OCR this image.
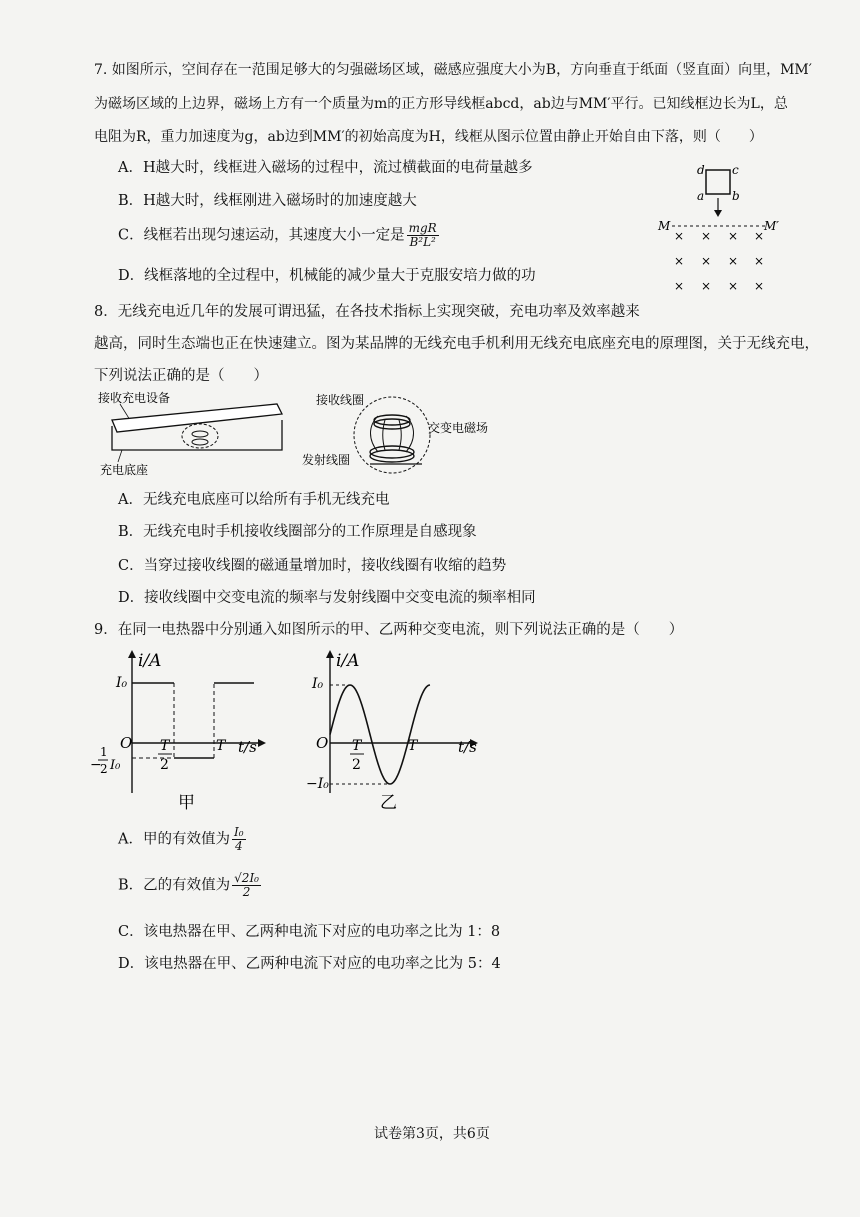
7. 如图所示，空间存在一范围足够大的匀强磁场区域，磁感应强度大小为B，方向垂直于纸面（竖直面）向里，MM′
为磁场区域的上边界，磁场上方有一个质量为m的正方形导线框abcd，ab边与MM′平行。已知线框边长为L，总
电阻为R，重力加速度为g，ab边到MM′的初始高度为H，线框从图示位置由静止开始自由下落，则（　　）
A．H越大时，线框进入磁场的过程中，流过横截面的电荷量越多
B．H越大时，线框刚进入磁场时的加速度越大
C．线框若出现匀速运动，其速度大小一定是 $\frac{\text{mgR}}{\text{B²L²}}$
D．线框落地的全过程中，机械能的减少量大于克服安培力做的功
d c
a b
M	M′
× × × ×
× × × ×
× × × ×
8．无线充电近几年的发展可谓迅猛，在各技术指标上实现突破，充电功率及效率越来
越高，同时生态端也正在快速建立。图为某品牌的无线充电手机利用无线充电底座充电的原理图，关于无线充电，
下列说法正确的是（　　）
接收充电设备
充电底座
接收线圈
交变电磁场
发射线圈
A．无线充电底座可以给所有手机无线充电
B．无线充电时手机接收线圈部分的工作原理是自感现象
C．当穿过接收线圈的磁通量增加时，接收线圈有收缩的趋势
D．接收线圈中交变电流的频率与发射线圈中交变电流的频率相同
9．在同一电热器中分别通入如图所示的甲、乙两种交变电流，则下列说法正确的是（　　）
i/A
t/s
I₀
O T
2
T
−
1
2 I₀
甲
i/A
t/s
I₀
−I₀
O T
2
T
乙
A．甲的有效值为 $\frac{\text{I₀}}{4}$
B．乙的有效值为 $\frac{\text{√2I₀}}{2}$
C．该电热器在甲、乙两种电流下对应的电功率之比为 1：8
D．该电热器在甲、乙两种电流下对应的电功率之比为 5：4
试卷第3页，共6页
